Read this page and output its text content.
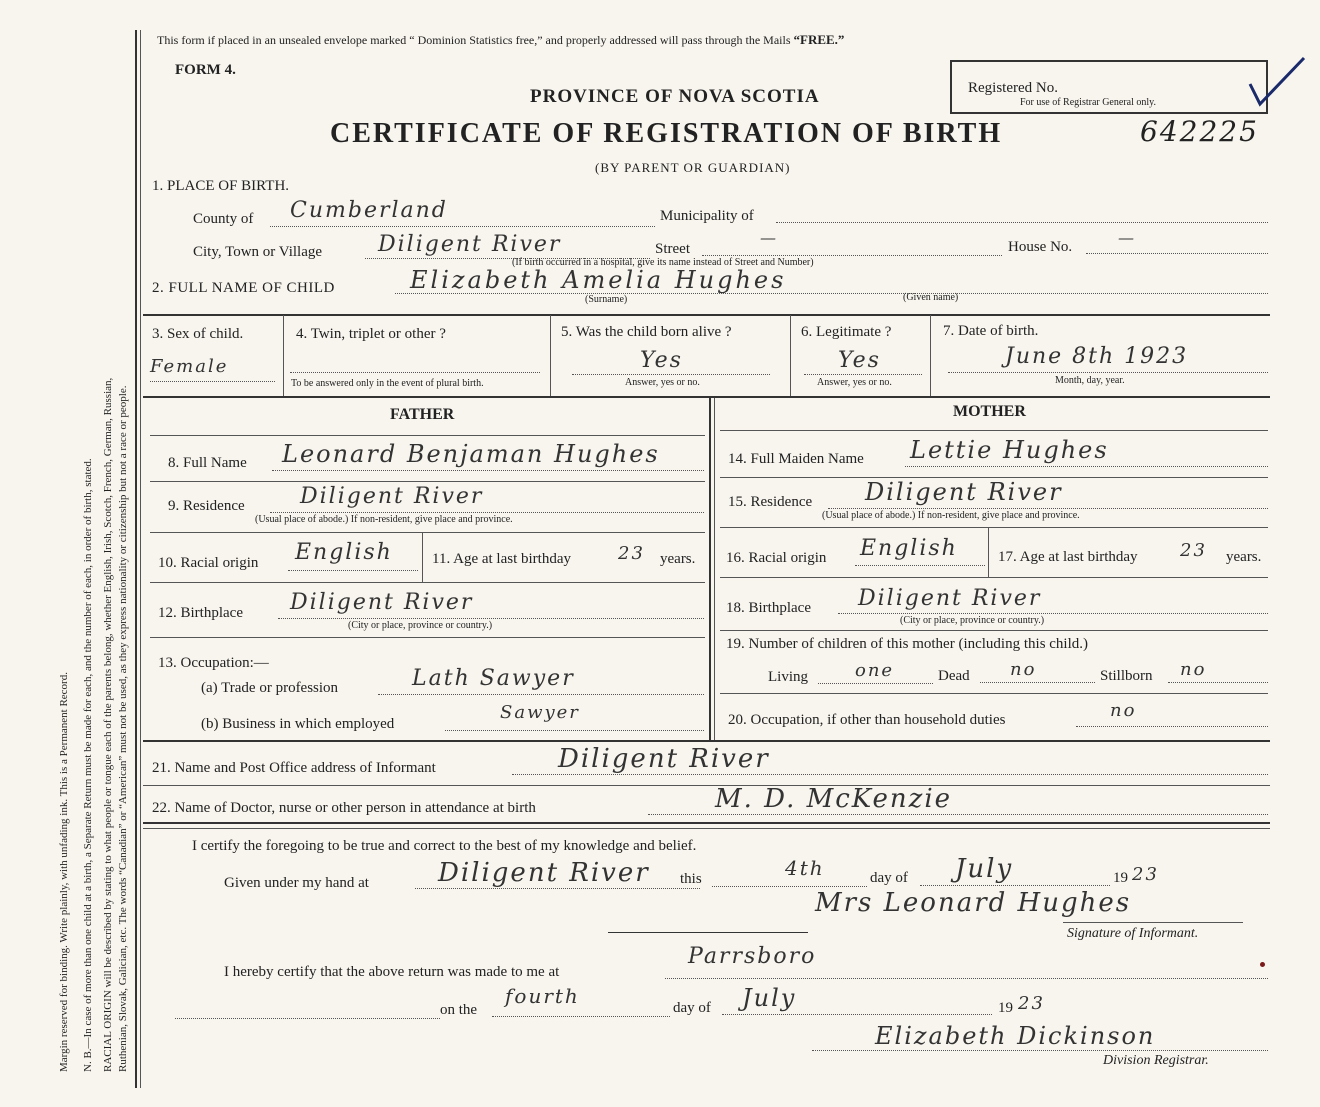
Margin reserved for binding. Write plainly, with unfading ink. This is a Permanent Record. N. B.—In case of more than one child at a birth, a Separate Return must be made for each, and the number of each, in order of birth, stated. RACIAL ORIGIN will be described by stating to what people or tongue each of the parents belong, whether English, Irish, Scotch, French, German, Russian, Ruthenian, Slovak, Galician, etc. The words “Canadian” or “American” must not be used, as they express nationality or citizenship but not a race or people.
This form if placed in an unsealed envelope marked “ Dominion Statistics free,” and properly addressed will pass through the Mails “FREE.”
FORM 4.
PROVINCE OF NOVA SCOTIA
CERTIFICATE OF REGISTRATION OF BIRTH
(BY PARENT OR GUARDIAN)
Registered No.
For use of Registrar General only.
642225
1. PLACE OF BIRTH.
County of Cumberland	Municipality of
City, Town or Village	Diligent River	Street
—	House No.	—
(If birth occurred in a hospital, give its name instead of Street and Number)
2. FULL NAME OF CHILD	Elizabeth Amelia Hughes
(Surname)	(Given name)
3. Sex of child.
Female
4. Twin, triplet or other ?
To be answered only in the event of plural birth.
5. Was the child born alive ?
Yes
Answer, yes or no.
6. Legitimate ?
Yes
Answer, yes or no.
7. Date of birth.
June 8th 1923
Month, day, year.
FATHER	MOTHER
8. Full Name Leonard Benjaman Hughes
9. Residence	Diligent River
(Usual place of abode.) If non-resident, give place and province.
10. Racial origin English	11. Age at last birthday	23 years.
12. Birthplace Diligent River
(City or place, province or country.)
13. Occupation:—
(a) Trade or profession	Lath Sawyer
(b) Business in which employed
Sawyer
14. Full Maiden Name Lettie Hughes
15. Residence Diligent River
(Usual place of abode.) If non-resident, give place and province.
16. Racial origin English	17. Age at last birthday 23 years.
18. Birthplace Diligent River
(City or place, province or country.)
19. Number of children of this mother (including this child.)
Living	one	Dead no	Stillborn no
20. Occupation, if other than household duties	no
21. Name and Post Office address of Informant	Diligent River
22. Name of Doctor, nurse or other person in attendance at birth	M. D. McKenzie
I certify the foregoing to be true and correct to the best of my knowledge and belief.
Given under my hand at	Diligent River this	4th	day of July	19 23
Mrs Leonard Hughes
Signature of Informant.
I hereby certify that the above return was made to me at
Parrsboro
on the
fourth	day of July	19 23
Elizabeth Dickinson
Division Registrar.
